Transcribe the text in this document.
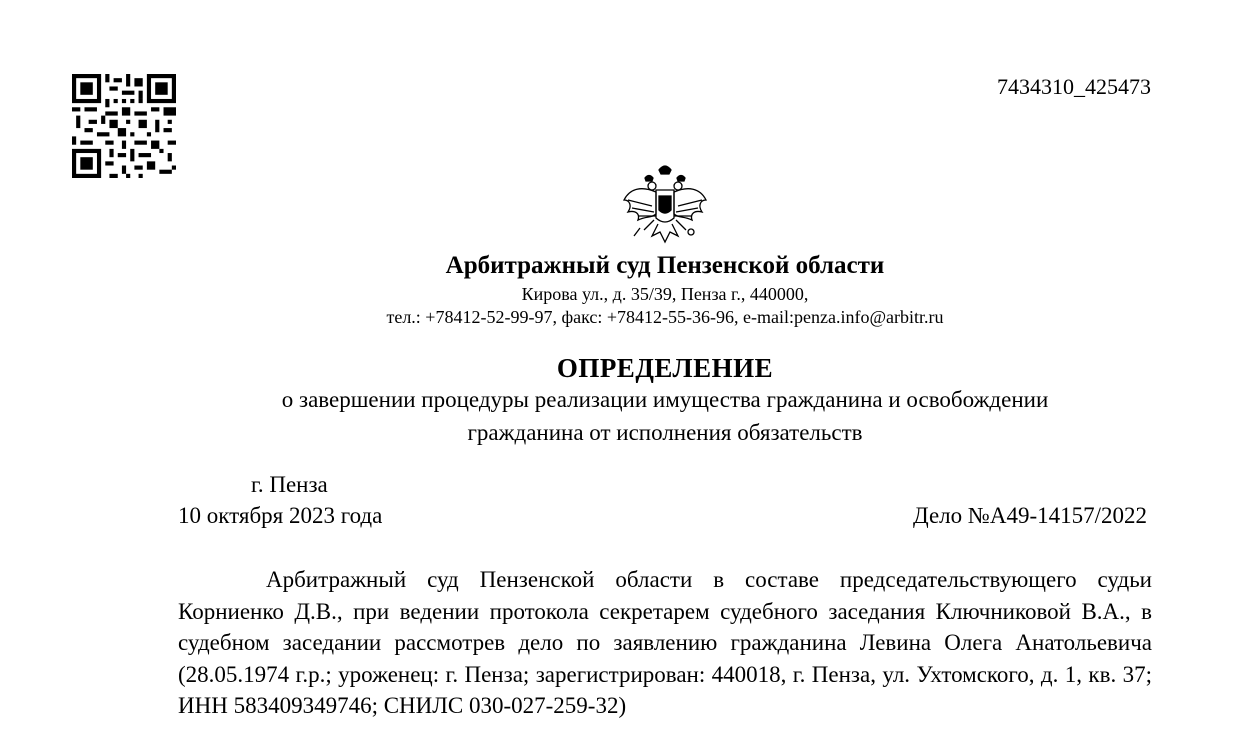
7434310_425473
Арбитражный суд Пензенской области
Кирова ул., д. 35/39, Пенза г., 440000,
тел.: +78412-52-99-97, факс: +78412-55-36-96, e-mail:penza.info@arbitr.ru
ОПРЕДЕЛЕНИЕ
о завершении процедуры реализации имущества гражданина и освобождении
гражданина от исполнения обязательств
г. Пенза
10 октября 2023 года	Дело №А49-14157/2022
Арбитражный суд Пензенской области в составе председательствующего судьи Корниенко Д.В., при ведении протокола секретарем судебного заседания Ключниковой В.А., в судебном заседании рассмотрев дело по заявлению гражданина Левина Олега Анатольевича (28.05.1974 г.р.; уроженец: г. Пенза; зарегистрирован: 440018, г. Пенза, ул. Ухтомского, д. 1, кв. 37; ИНН 583409349746; СНИЛС 030-027-259-32)
